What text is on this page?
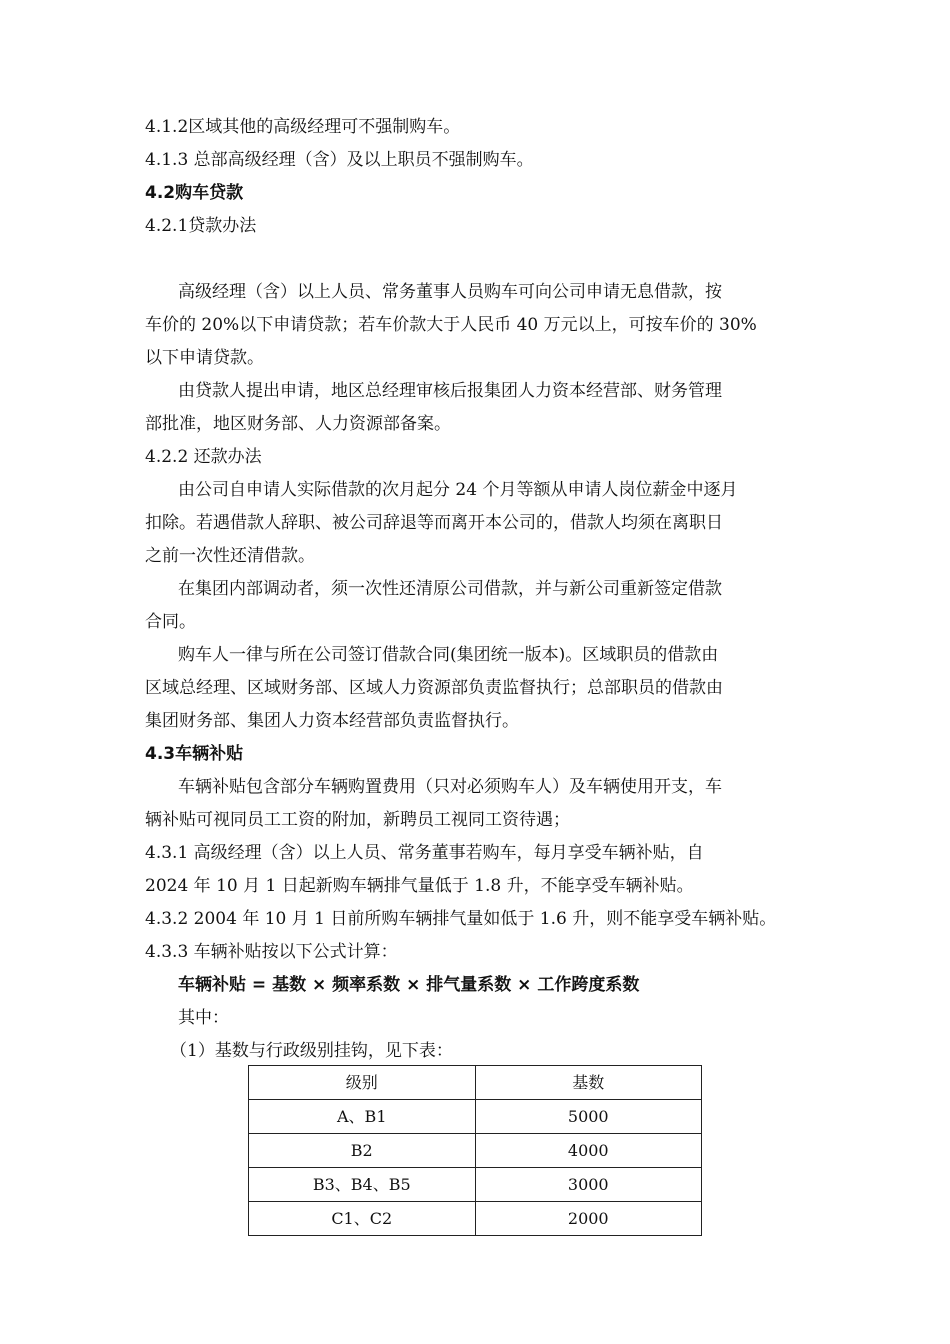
4.1.2区域其他的高级经理可不强制购车。
4.1.3 总部高级经理（含）及以上职员不强制购车。
4.2购车贷款
4.2.1贷款办法
高级经理（含）以上人员、常务董事人员购车可向公司申请无息借款，按
车价的 20%以下申请贷款；若车价款大于人民币 40 万元以上，可按车价的 30%
以下申请贷款。
由贷款人提出申请，地区总经理审核后报集团人力资本经营部、财务管理
部批准，地区财务部、人力资源部备案。
4.2.2 还款办法
由公司自申请人实际借款的次月起分 24 个月等额从申请人岗位薪金中逐月
扣除。若遇借款人辞职、被公司辞退等而离开本公司的，借款人均须在离职日
之前一次性还清借款。
在集团内部调动者，须一次性还清原公司借款，并与新公司重新签定借款
合同。
购车人一律与所在公司签订借款合同(集团统一版本)。区域职员的借款由
区域总经理、区域财务部、区域人力资源部负责监督执行；总部职员的借款由
集团财务部、集团人力资本经营部负责监督执行。
4.3车辆补贴
车辆补贴包含部分车辆购置费用（只对必须购车人）及车辆使用开支，车
辆补贴可视同员工工资的附加，新聘员工视同工资待遇；
4.3.1 高级经理（含）以上人员、常务董事若购车，每月享受车辆补贴，自
2024 年 10 月 1 日起新购车辆排气量低于 1.8 升，不能享受车辆补贴。
4.3.2 2004 年 10 月 1 日前所购车辆排气量如低于 1.6 升，则不能享受车辆补贴。
4.3.3 车辆补贴按以下公式计算：
车辆补贴 = 基数 × 频率系数 × 排气量系数 × 工作跨度系数
其中：
（1）基数与行政级别挂钩，见下表：
级别	基数
A、B1	5000
B2	4000
B3、B4、B5	3000
C1、C2	2000
